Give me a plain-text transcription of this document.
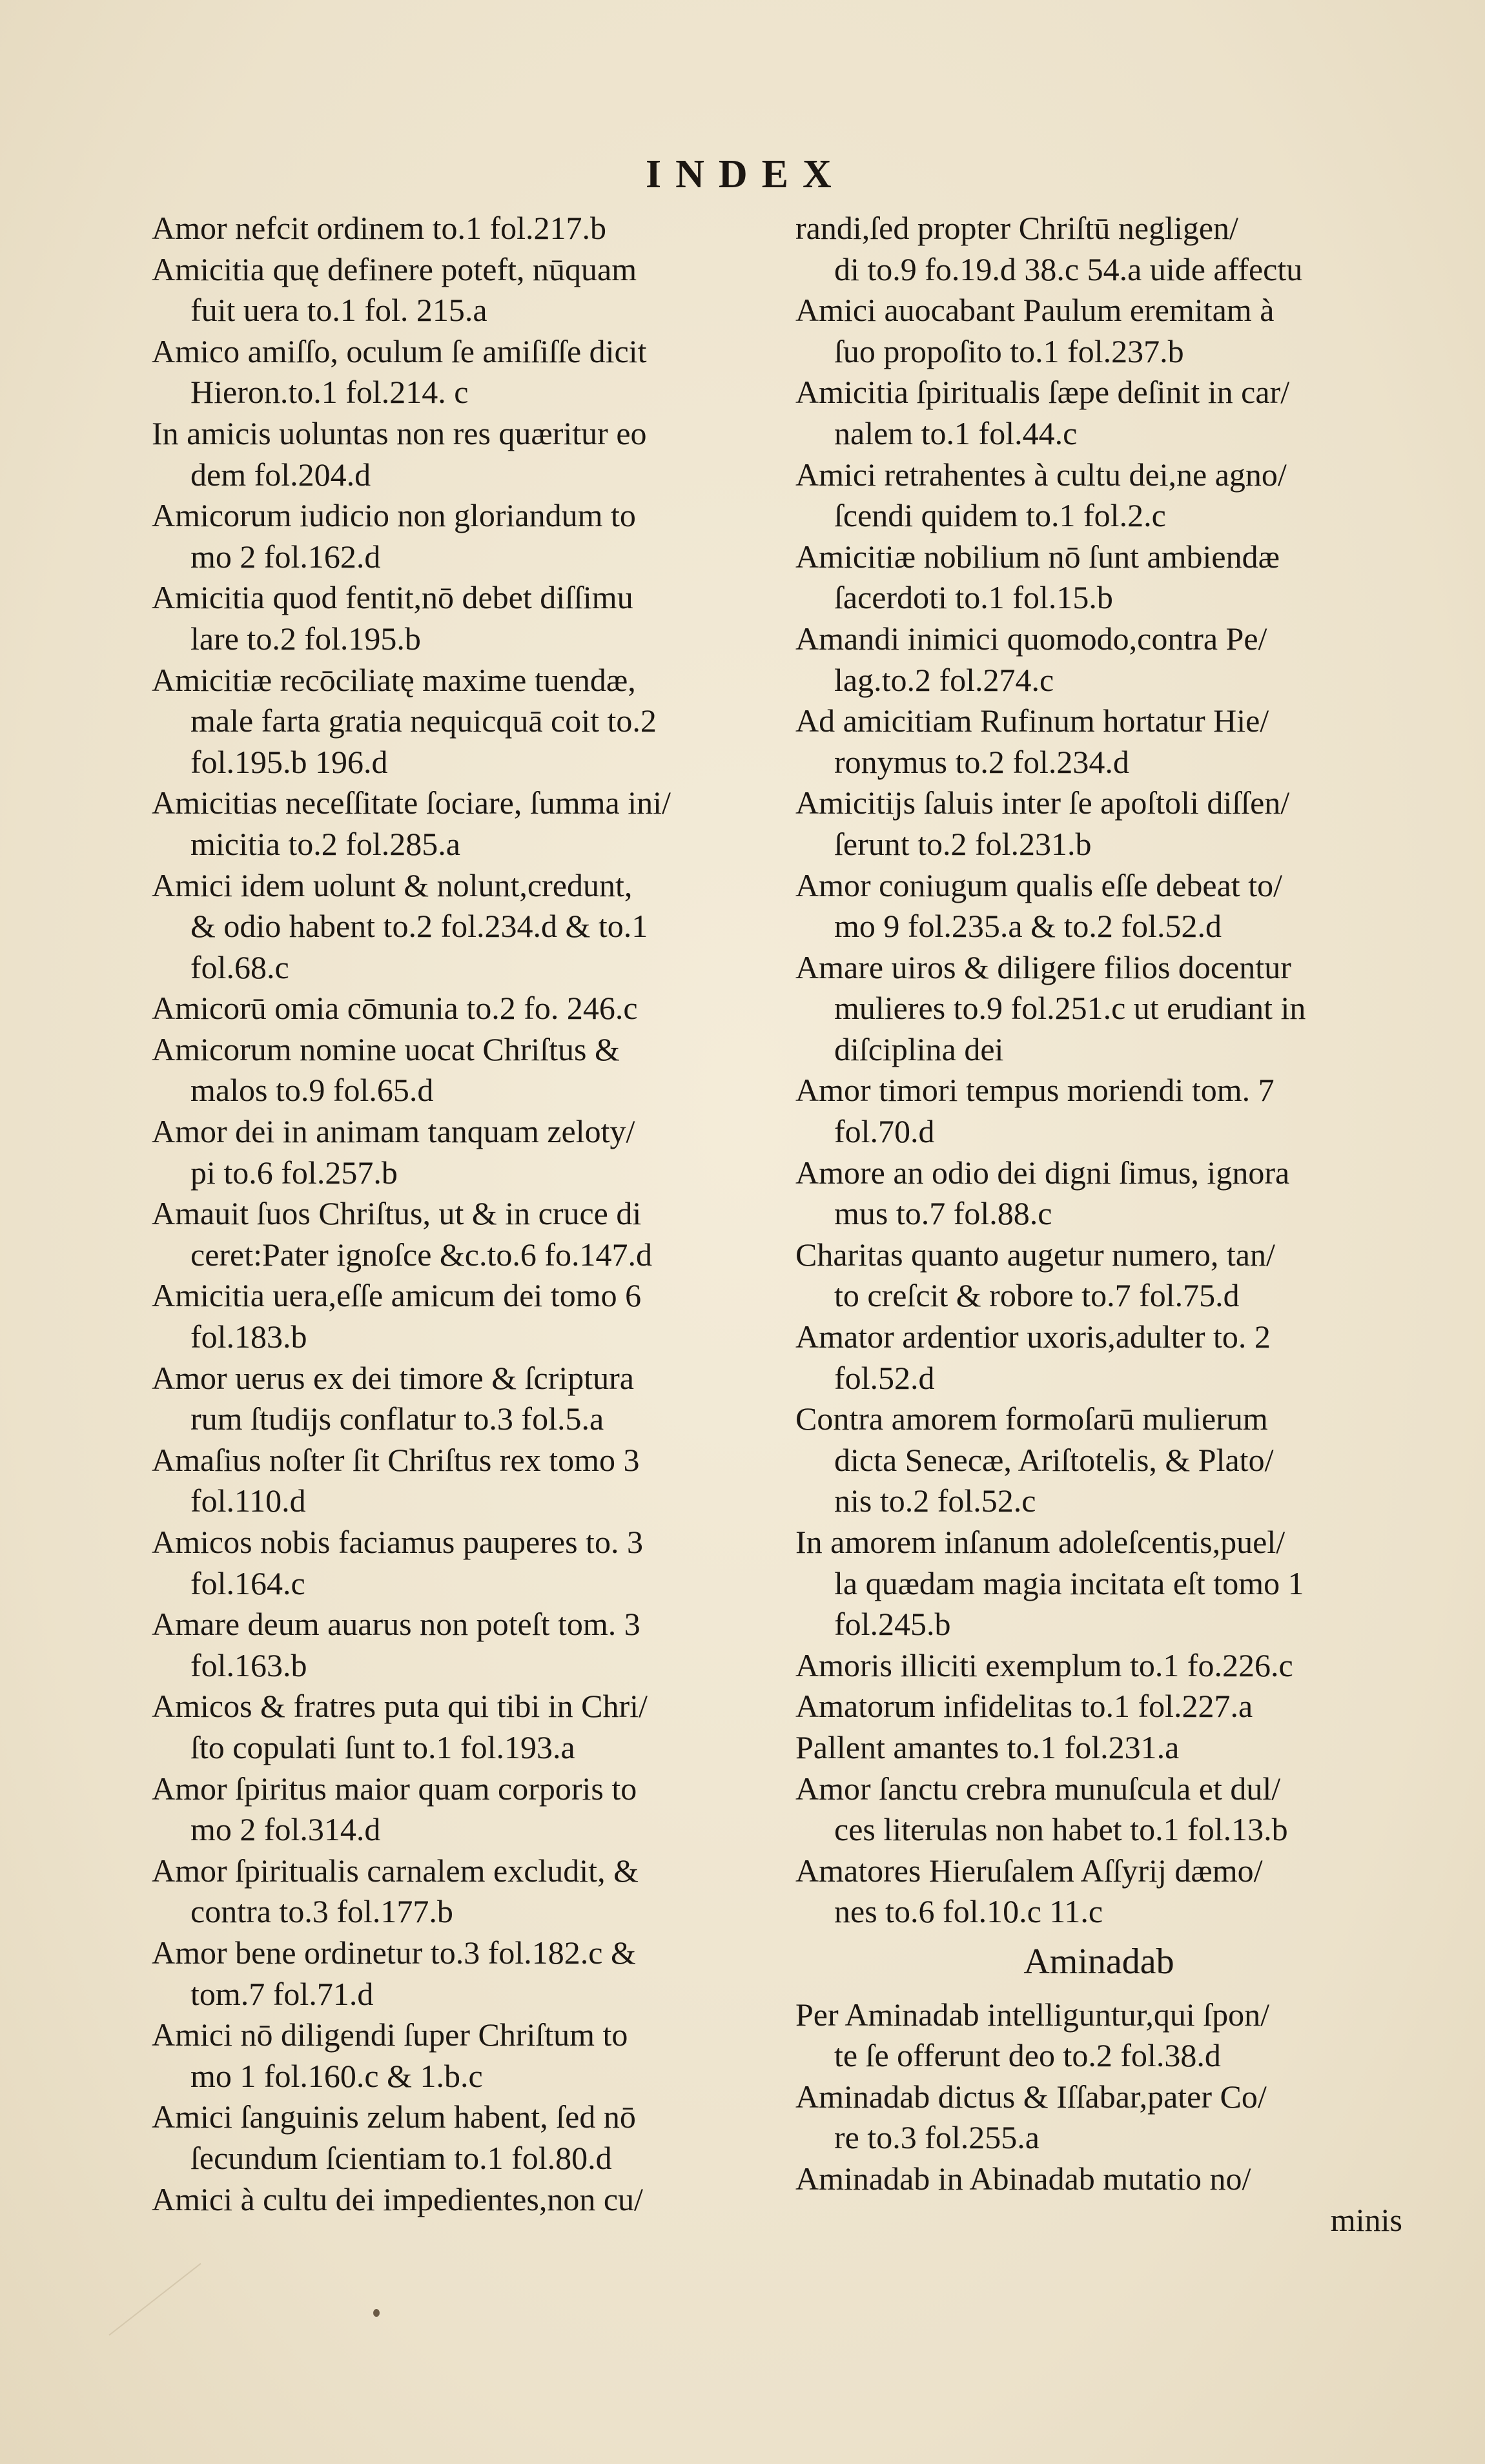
INDEX

Amor nefcit ordinem to.1 fol.217.b

Amicitia quę definere poteft, nūquam
fuit uera to.1 fol. 215.a

Amico amiſſo, oculum ſe amiſiſſe dicit
Hieron.to.1 fol.214. c

In amicis uoluntas non res quæritur eo
dem fol.204.d

Amicorum iudicio non gloriandum to
mo 2 fol.162.d

Amicitia quod fentit,nō debet diſſimu
lare to.2 fol.195.b

Amicitiæ recōciliatę maxime tuendæ,
male farta gratia nequicquā coit to.2
fol.195.b 196.d

Amicitias neceſſitate ſociare, ſumma ini/
micitia to.2 fol.285.a

Amici idem uolunt & nolunt,credunt,
& odio habent to.2 fol.234.d & to.1
fol.68.c

Amicorū omia cōmunia to.2 fo. 246.c

Amicorum nomine uocat Chriſtus &
malos to.9 fol.65.d

Amor dei in animam tanquam zeloty/
pi to.6 fol.257.b

Amauit ſuos Chriſtus, ut & in cruce di
ceret:Pater ignoſce &c.to.6 fo.147.d

Amicitia uera,eſſe amicum dei tomo 6
fol.183.b

Amor uerus ex dei timore & ſcriptura
rum ſtudijs conflatur to.3 fol.5.a

Amaſius noſter ſit Chriſtus rex tomo 3
fol.110.d

Amicos nobis faciamus pauperes to. 3
fol.164.c

Amare deum auarus non poteſt tom. 3
fol.163.b

Amicos & fratres puta qui tibi in Chri/
ſto copulati ſunt to.1 fol.193.a

Amor ſpiritus maior quam corporis to
mo 2 fol.314.d

Amor ſpiritualis carnalem excludit, &
contra to.3 fol.177.b

Amor bene ordinetur to.3 fol.182.c &
tom.7 fol.71.d

Amici nō diligendi ſuper Chriſtum to
mo 1 fol.160.c & 1.b.c

Amici ſanguinis zelum habent, ſed nō
ſecundum ſcientiam to.1 fol.80.d

Amici à cultu dei impedientes,non cu/

randi,ſed propter Chriſtū negligen/
di to.9 fo.19.d 38.c 54.a uide affectu

Amici auocabant Paulum eremitam à
ſuo propoſito to.1 fol.237.b

Amicitia ſpiritualis ſæpe deſinit in car/
nalem to.1 fol.44.c

Amici retrahentes à cultu dei,ne agno/
ſcendi quidem to.1 fol.2.c

Amicitiæ nobilium nō ſunt ambiendæ
ſacerdoti to.1 fol.15.b

Amandi inimici quomodo,contra Pe/
lag.to.2 fol.274.c

Ad amicitiam Rufinum hortatur Hie/
ronymus to.2 fol.234.d

Amicitijs ſaluis inter ſe apoſtoli diſſen/
ſerunt to.2 fol.231.b

Amor coniugum qualis eſſe debeat to/
mo 9 fol.235.a & to.2 fol.52.d

Amare uiros & diligere filios docentur
mulieres to.9 fol.251.c ut erudiant in
diſciplina dei

Amor timori tempus moriendi tom. 7
fol.70.d

Amore an odio dei digni ſimus, ignora
mus to.7 fol.88.c

Charitas quanto augetur numero, tan/
to creſcit & robore to.7 fol.75.d

Amator ardentior uxoris,adulter to. 2
fol.52.d

Contra amorem formoſarū mulierum
dicta Senecæ, Ariſtotelis, & Plato/
nis to.2 fol.52.c

In amorem inſanum adoleſcentis,puel/
la quædam magia incitata eſt tomo 1
fol.245.b

Amoris illiciti exemplum to.1 fo.226.c

Amatorum infidelitas to.1 fol.227.a

Pallent amantes to.1 fol.231.a

Amor ſanctu crebra munuſcula et dul/
ces literulas non habet to.1 fol.13.b

Amatores Hieruſalem Aſſyrij dæmo/
nes to.6 fol.10.c 11.c

Aminadab

Per Aminadab intelliguntur,qui ſpon/
te ſe offerunt deo to.2 fol.38.d

Aminadab dictus & Iſſabar,pater Co/
re to.3 fol.255.a

Aminadab in Abinadab mutatio no/

minis
